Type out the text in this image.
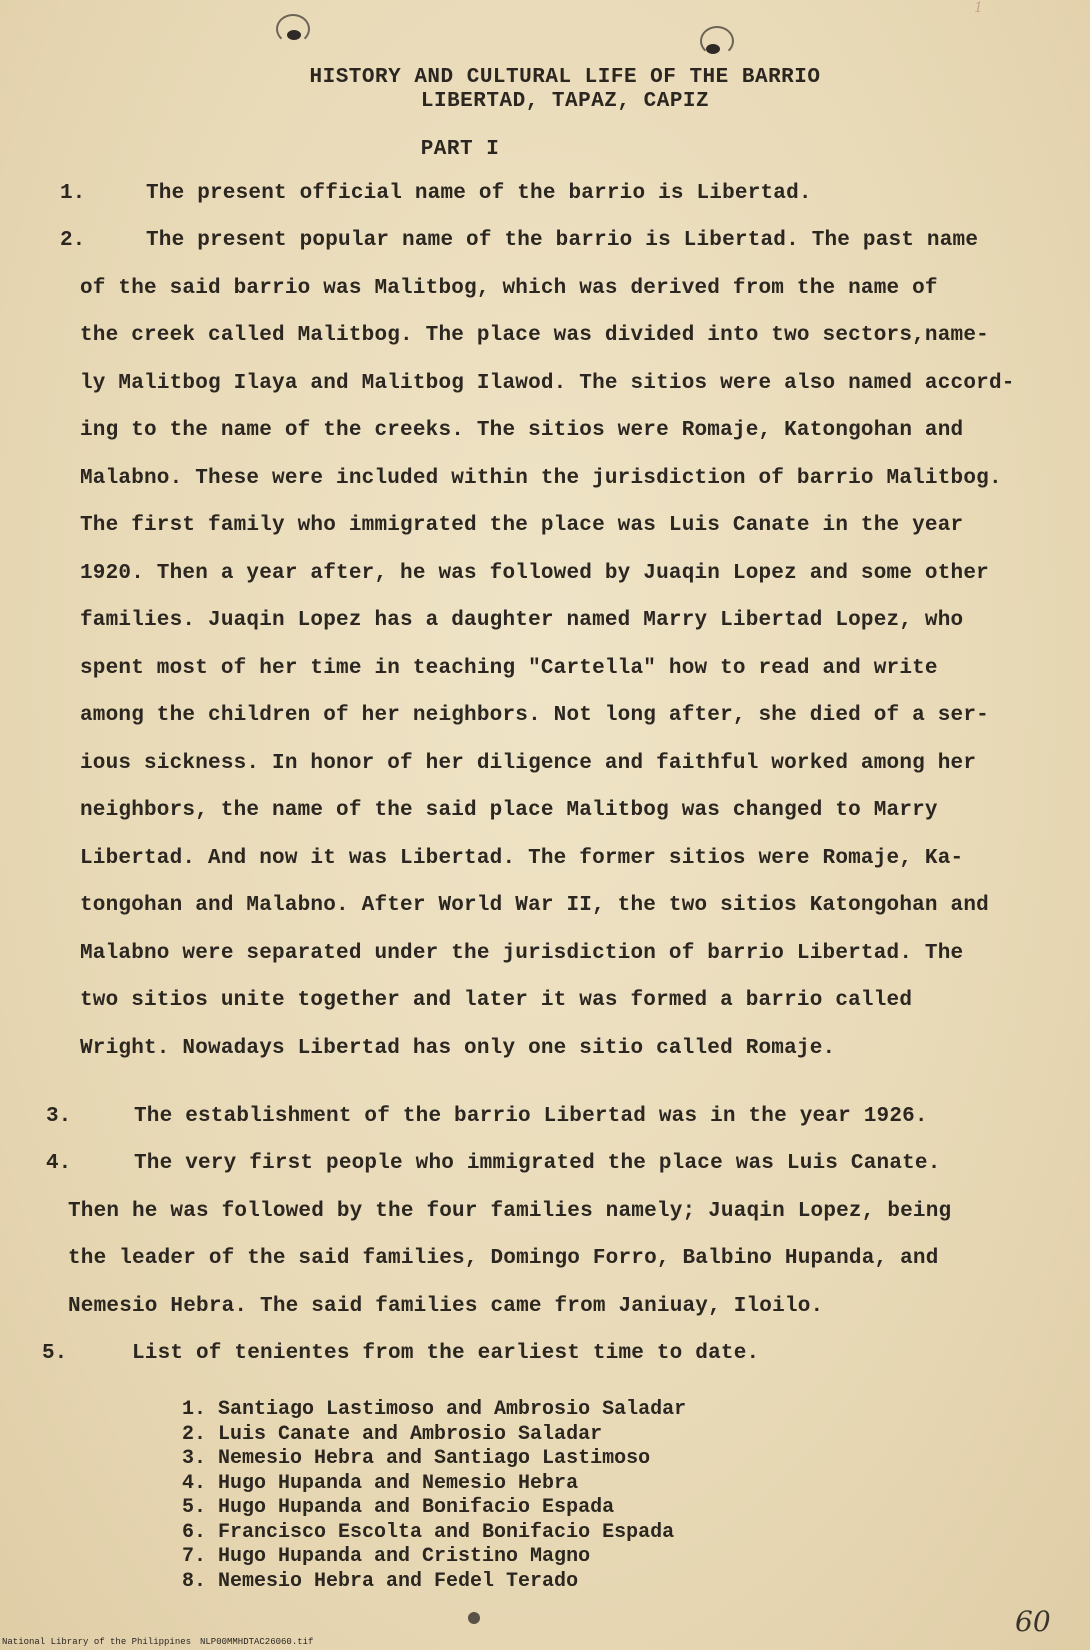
1
HISTORY AND CULTURAL LIFE OF THE BARRIO
LIBERTAD, TAPAZ, CAPIZ
PART I
1.	The present official name of the barrio is Libertad.
2.	The present popular name of the barrio is Libertad. The past name
of the said barrio was Malitbog, which was derived from the name of
the creek called Malitbog. The place was divided into two sectors,name-
ly Malitbog Ilaya and Malitbog Ilawod. The sitios were also named accord-
ing to the name of the creeks. The sitios were Romaje, Katongohan and
Malabno. These were included within the jurisdiction of barrio Malitbog.
The first family who immigrated the place was Luis Canate in the year
1920. Then a year after, he was followed by Juaqin Lopez and some other
families. Juaqin Lopez has a daughter named Marry Libertad Lopez, who
spent most of her time in teaching "Cartella" how to read and write
among the children of her neighbors. Not long after, she died of a ser-
ious sickness. In honor of her diligence and faithful worked among her
neighbors, the name of the said place Malitbog was changed to Marry
Libertad. And now it was Libertad. The former sitios were Romaje, Ka-
tongohan and Malabno. After World War II, the two sitios Katongohan and
Malabno were separated under the jurisdiction of barrio Libertad. The
two sitios unite together and later it was formed a barrio called
Wright. Nowadays Libertad has only one sitio called Romaje.
3.	The establishment of the barrio Libertad was in the year 1926.
4.	The very first people who immigrated the place was Luis Canate.
Then he was followed by the four families namely; Juaqin Lopez, being
the leader of the said families, Domingo Forro, Balbino Hupanda, and
Nemesio Hebra. The said families came from Janiuay, Iloilo.
5.	List of tenientes from the earliest time to date.
1. Santiago Lastimoso and Ambrosio Saladar
2. Luis Canate and Ambrosio Saladar
3. Nemesio Hebra and Santiago Lastimoso
4. Hugo Hupanda and Nemesio Hebra
5. Hugo Hupanda and Bonifacio Espada
6. Francisco Escolta and Bonifacio Espada
7. Hugo Hupanda and Cristino Magno
8. Nemesio Hebra and Fedel Terado
60
National Library of the Philippines NLP00MMHDTAC26060.tif
